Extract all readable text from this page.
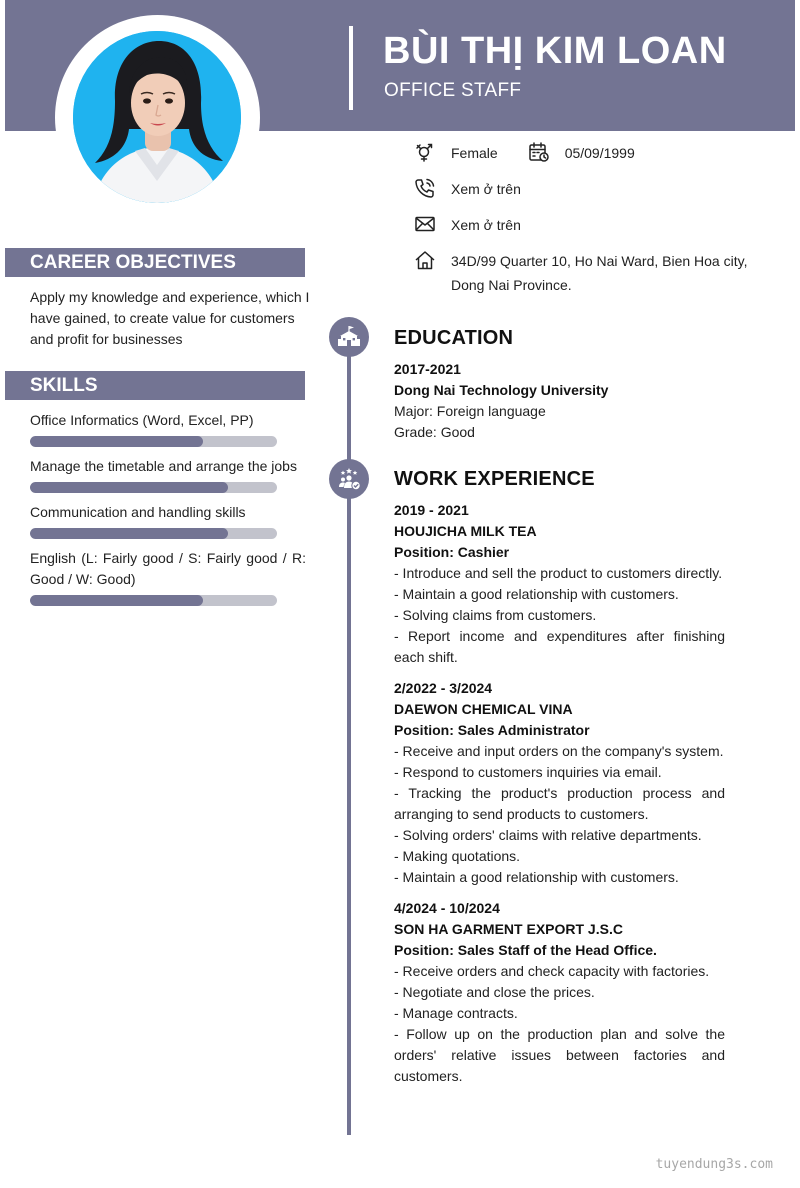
BÙI THỊ KIM LOAN
OFFICE STAFF
Female	05/09/1999
Xem ở trên
Xem ở trên
34D/99 Quarter 10, Ho Nai Ward, Bien Hoa city, Dong Nai Province.
CAREER OBJECTIVES
Apply my knowledge and experience, which I have gained, to create value for customers and profit for businesses
SKILLS
Office Informatics (Word, Excel, PP)
Manage the timetable and arrange the jobs
Communication and handling skills
English (L: Fairly good / S: Fairly good / R: Good / W: Good)
EDUCATION
2017-2021
Dong Nai Technology University
Major: Foreign language
Grade: Good
WORK EXPERIENCE
2019 - 2021
HOUJICHA MILK TEA
Position: Cashier
- Introduce and sell the product to customers directly.
- Maintain a good relationship with customers.
- Solving claims from customers.
- Report income and expenditures after finishing each shift.
2/2022 - 3/2024
DAEWON CHEMICAL VINA
Position: Sales Administrator
- Receive and input orders on the company's system.
- Respond to customers inquiries via email.
- Tracking the product's production process and arranging to send products to customers.
- Solving orders' claims with relative departments.
- Making quotations.
- Maintain a good relationship with customers.
4/2024 - 10/2024
SON HA GARMENT EXPORT J.S.C
Position: Sales Staff of the Head Office.
- Receive orders and check capacity with factories.
- Negotiate and close the prices.
- Manage contracts.
- Follow up on the production plan and solve the orders' relative issues between factories and customers.
tuyendung3s.com
